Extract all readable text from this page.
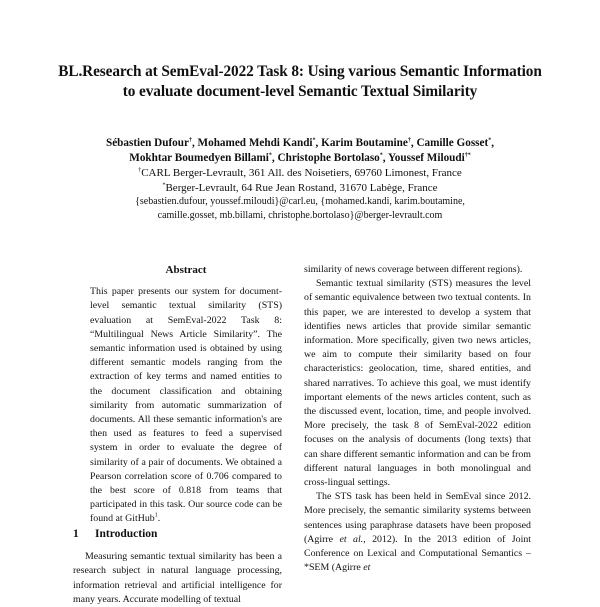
BL.Research at SemEval-2022 Task 8: Using various Semantic Information
to evaluate document-level Semantic Textual Similarity
Sébastien Dufour†, Mohamed Mehdi Kandi*, Karim Boutamine†, Camille Gosset*,
Mokhtar Boumedyen Billami*, Christophe Bortolaso*, Youssef Miloudi†*
†CARL Berger-Levrault, 361 All. des Noisetiers, 69760 Limonest, France
*Berger-Levrault, 64 Rue Jean Rostand, 31670 Labège, France
{sebastien.dufour, youssef.miloudi}@carl.eu, {mohamed.kandi, karim.boutamine,
camille.gosset, mb.billami, christophe.bortolaso}@berger-levrault.com
Abstract

This paper presents our system for document-level semantic textual similarity (STS) evaluation at SemEval-2022 Task 8: “Multilingual News Article Similarity”. The semantic information used is obtained by using different semantic models ranging from the extraction of key terms and named entities to the document classification and obtaining similarity from automatic summarization of documents. All these semantic information's are then used as features to feed a supervised system in order to evaluate the degree of similarity of a pair of documents. We obtained a Pearson correlation score of 0.706 compared to the best score of 0.818 from teams that participated in this task. Our source code can be found at GitHub$^1$.

1 Introduction

Measuring semantic textual similarity has been a research subject in natural language processing, information retrieval and artificial intelligence for many years. Accurate modelling of textual

similarity of news coverage between different regions).

Semantic textual similarity (STS) measures the level of semantic equivalence between two textual contents. In this paper, we are interested to develop a system that identifies news articles that provide similar semantic information. More specifically, given two news articles, we aim to compute their similarity based on four characteristics: geolocation, time, shared entities, and shared narratives. To achieve this goal, we must identify important elements of the news articles content, such as the discussed event, location, time, and people involved. More precisely, the task 8 of SemEval-2022 edition focuses on the analysis of documents (long texts) that can share different semantic information and can be from different natural languages in both monolingual and cross-lingual settings.

The STS task has been held in SemEval since 2012. More precisely, the semantic similarity systems between sentences using paraphrase datasets have been proposed (Agirre et al., 2012). In the 2013 edition of Joint Conference on Lexical and Computational Semantics – *SEM (Agirre et
